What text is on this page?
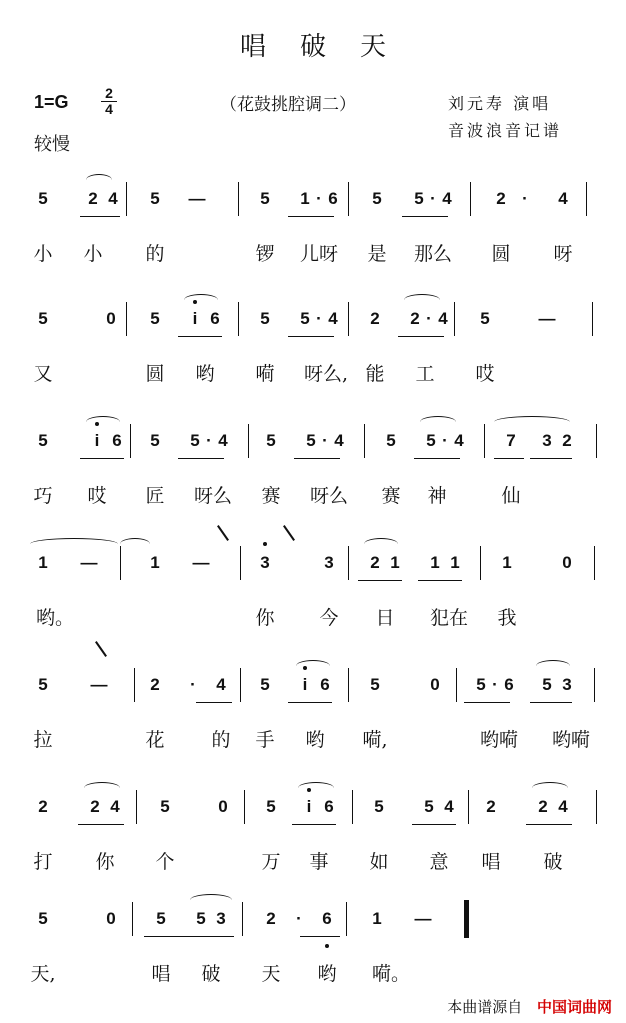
唱破天
1=G	2
4	（花鼓挑腔调二）	刘元寿 演唱
音波浪音记谱
较慢
5	2 4	5	—	5	1 · 6	5	5 · 4	2 ·	4
小 小 的	锣 儿呀 是 那么 圆 呀
5	0	5	i 6	5	5 · 4	2	2 · 4	5	—
又	圆 哟 嗬 呀么, 能 工 哎
5	i 6	5	5 · 4	5	5 · 4	5	5 · 4	7	3 2
巧 哎 匠 呀么 赛 呀么 赛 神	仙
1	—	1	—	3	3	2 1	1 1	1	0
哟。	你 今 日 犯在 我
5	—	2	·	4	5	i 6	5	0	5 · 6	5 3
拉	花 的 手 哟 嗬,	哟嗬 哟嗬
2	2 4	5	0	5	i 6	5	5 4	2	2 4
打 你 个	万 事 如 意 唱 破
5	0	5	5 3	2	·	6	1	—
天,	唱 破 天 哟 嗬。
本曲谱源自 中国词曲网
